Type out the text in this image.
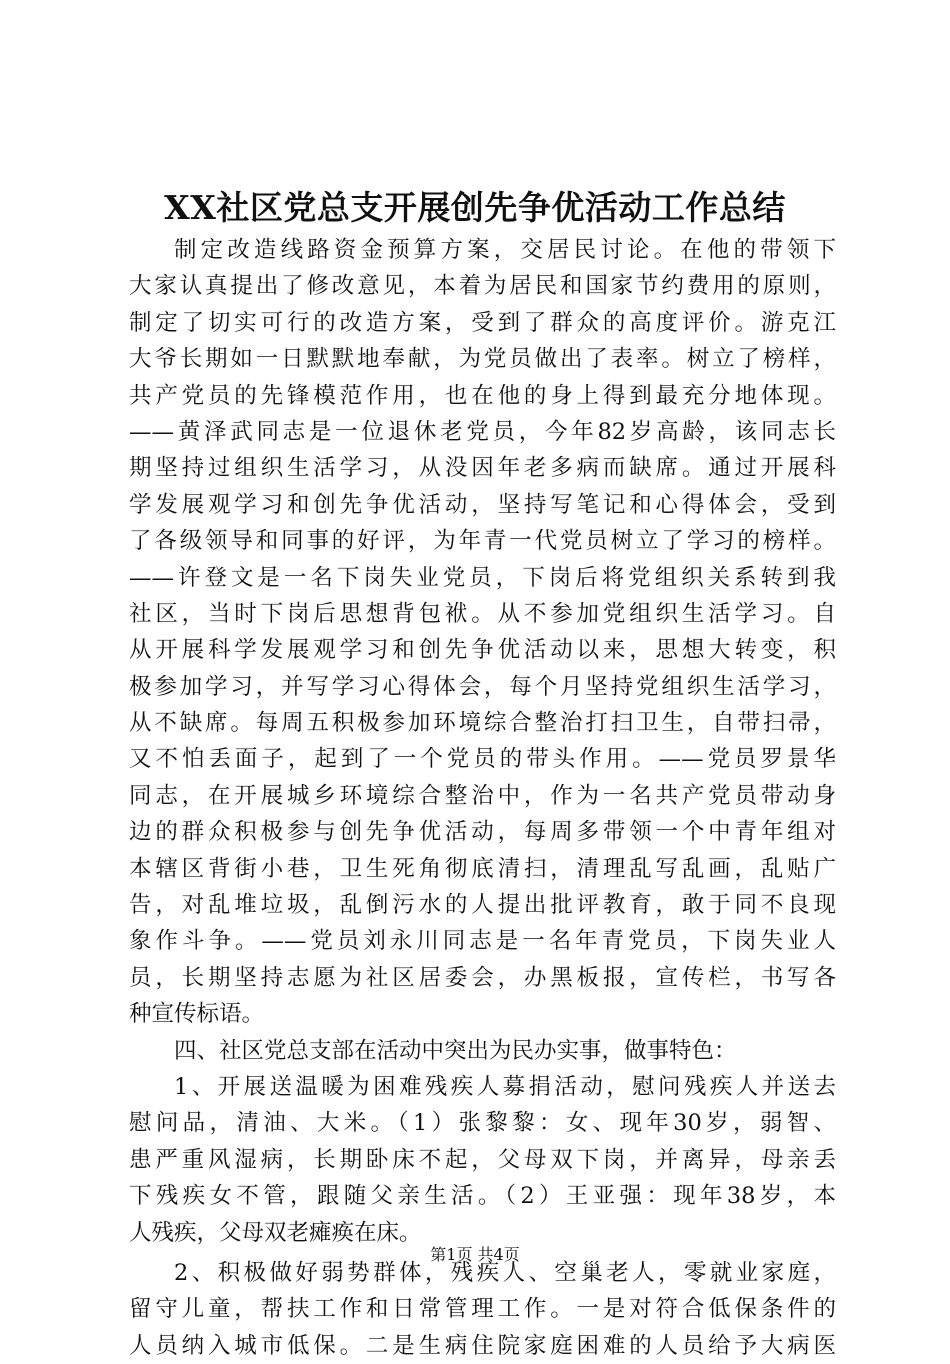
XX社区党总支开展创先争优活动工作总结
制定改造线路资金预算方案，交居民讨论。在他的带领下
大家认真提出了修改意见，本着为居民和国家节约费用的原则，
制定了切实可行的改造方案，受到了群众的高度评价。游克江
大爷长期如一日默默地奉献，为党员做出了表率。树立了榜样，
共产党员的先锋模范作用，也在他的身上得到最充分地体现。
——黄泽武同志是一位退休老党员，今年82岁高龄，该同志长
期坚持过组织生活学习，从没因年老多病而缺席。通过开展科
学发展观学习和创先争优活动，坚持写笔记和心得体会，受到
了各级领导和同事的好评，为年青一代党员树立了学习的榜样。
——许登文是一名下岗失业党员，下岗后将党组织关系转到我
社区，当时下岗后思想背包袱。从不参加党组织生活学习。自
从开展科学发展观学习和创先争优活动以来，思想大转变，积
极参加学习，并写学习心得体会，每个月坚持党组织生活学习，
从不缺席。每周五积极参加环境综合整治打扫卫生，自带扫帚，
又不怕丢面子，起到了一个党员的带头作用。——党员罗景华
同志，在开展城乡环境综合整治中，作为一名共产党员带动身
边的群众积极参与创先争优活动，每周多带领一个中青年组对
本辖区背街小巷，卫生死角彻底清扫，清理乱写乱画，乱贴广
告，对乱堆垃圾，乱倒污水的人提出批评教育，敢于同不良现
象作斗争。——党员刘永川同志是一名年青党员，下岗失业人
员，长期坚持志愿为社区居委会，办黑板报，宣传栏，书写各
种宣传标语。
四、社区党总支部在活动中突出为民办实事，做事特色：
1、开展送温暖为困难残疾人募捐活动，慰问残疾人并送去
慰问品，清油、大米。（1）张黎黎：女、现年30岁，弱智、
患严重风湿病，长期卧床不起，父母双下岗，并离异，母亲丢
下残疾女不管，跟随父亲生活。（2）王亚强：现年38岁，本
人残疾，父母双老瘫痪在床。
2、积极做好弱势群体，残疾人、空巢老人，零就业家庭，
留守儿童，帮扶工作和日常管理工作。一是对符合低保条件的
人员纳入城市低保。二是生病住院家庭困难的人员给予大病医
第1页 共4页
